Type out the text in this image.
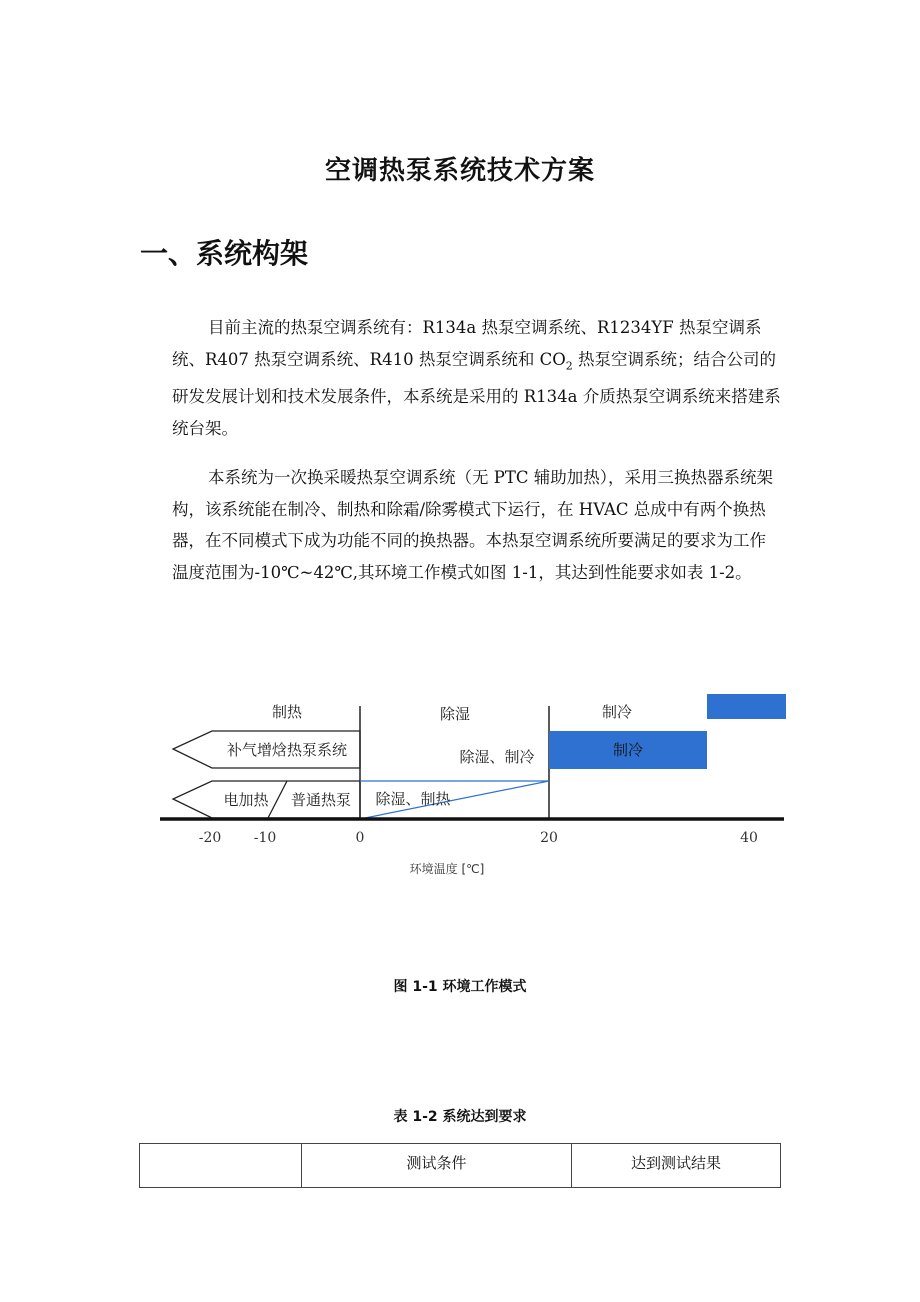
空调热泵系统技术方案
一、系统构架

目前主流的热泵空调系统有：R134a 热泵空调系统、R1234YF 热泵空调系统、R407 热泵空调系统、R410 热泵空调系统和 $CO_2$ 热泵空调系统；结合公司的研发发展计划和技术发展条件，本系统是采用的 R134a 介质热泵空调系统来搭建系统台架。

本系统为一次换采暖热泵空调系统（无 PTC 辅助加热），采用三换热器系统架构，该系统能在制冷、制热和除霜/除雾模式下运行，在 HVAC 总成中有两个换热器，在不同模式下成为功能不同的换热器。本热泵空调系统所要满足的要求为工作温度范围为-10℃~42℃,其环境工作模式如图 1-1，其达到性能要求如表 1-2。

制热	除湿	制冷
补气增焓热泵系统
电加热 普通热泵
除湿、制冷
除湿、制热
制冷
-20 -10	0	20	40
环境温度 [℃]
图 1-1 环境工作模式
表 1-2 系统达到要求
	测试条件	达到测试结果
